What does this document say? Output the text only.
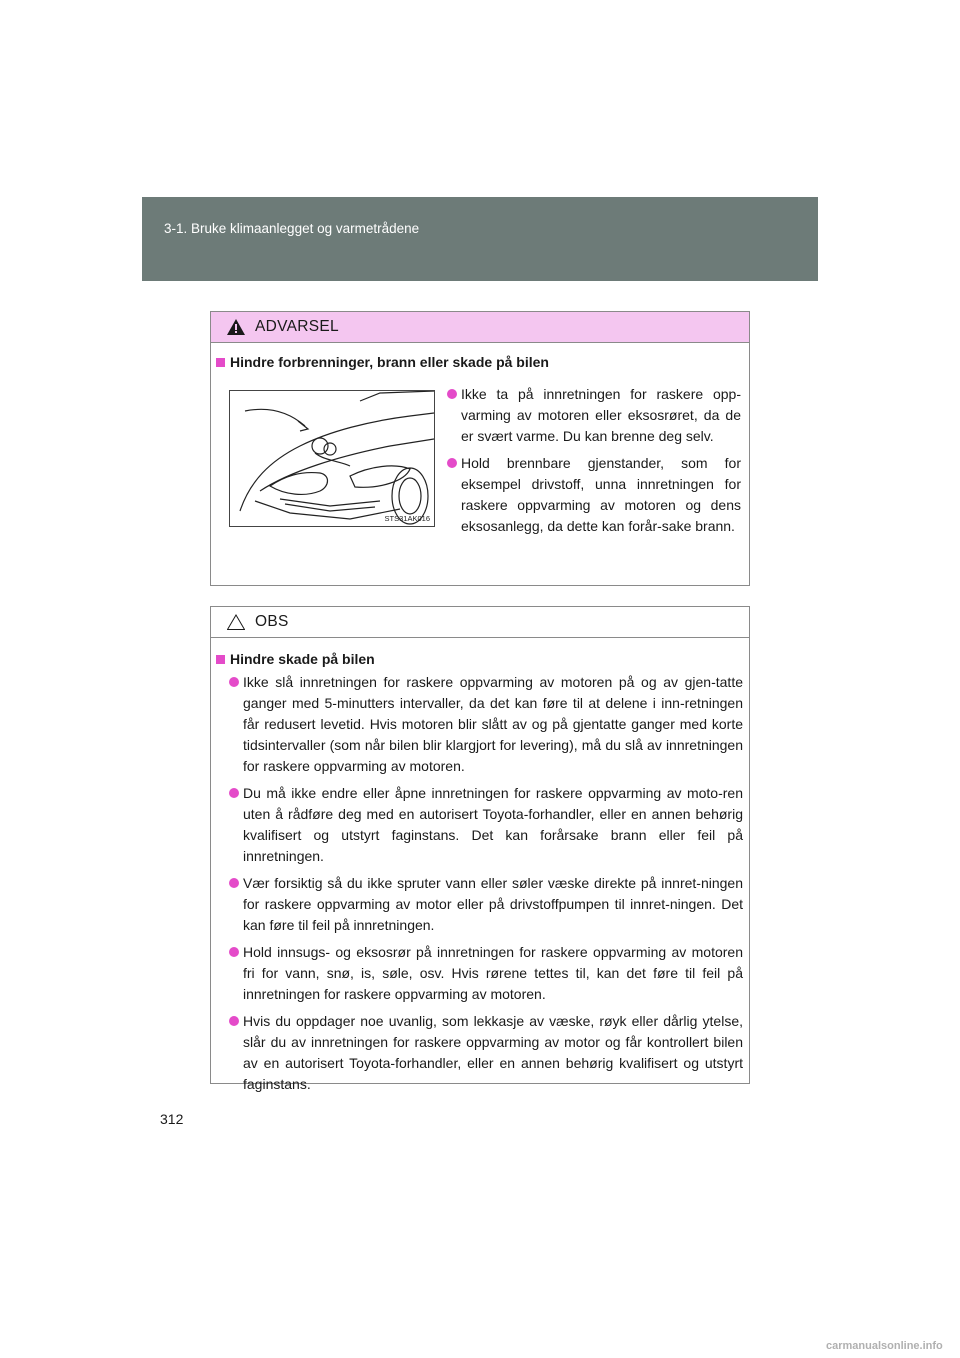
3-1. Bruke klimaanlegget og varmetrådene
ADVARSEL
Hindre forbrenninger, brann eller skade på bilen
STS31AK016
Ikke ta på innretningen for raskere opp-varming av motoren eller eksosrøret, da de er svært varme. Du kan brenne deg selv.
Hold brennbare gjenstander, som for eksempel drivstoff, unna innretningen for raskere oppvarming av motoren og dens eksosanlegg, da dette kan forår-sake brann.
OBS
Hindre skade på bilen
Ikke slå innretningen for raskere oppvarming av motoren på og av gjen-tatte ganger med 5-minutters intervaller, da det kan føre til at delene i inn-retningen får redusert levetid. Hvis motoren blir slått av og på gjentatte ganger med korte tidsintervaller (som når bilen blir klargjort for levering), må du slå av innretningen for raskere oppvarming av motoren.
Du må ikke endre eller åpne innretningen for raskere oppvarming av moto-ren uten å rådføre deg med en autorisert Toyota-forhandler, eller en annen behørig kvalifisert og utstyrt faginstans. Det kan forårsake brann eller feil på innretningen.
Vær forsiktig så du ikke spruter vann eller søler væske direkte på innret-ningen for raskere oppvarming av motor eller på drivstoffpumpen til innret-ningen. Det kan føre til feil på innretningen.
Hold innsugs- og eksosrør på innretningen for raskere oppvarming av motoren fri for vann, snø, is, søle, osv. Hvis rørene tettes til, kan det føre til feil på innretningen for raskere oppvarming av motoren.
Hvis du oppdager noe uvanlig, som lekkasje av væske, røyk eller dårlig ytelse, slår du av innretningen for raskere oppvarming av motor og får kontrollert bilen av en autorisert Toyota-forhandler, eller en annen behørig kvalifisert og utstyrt faginstans.
312
carmanualsonline.info
